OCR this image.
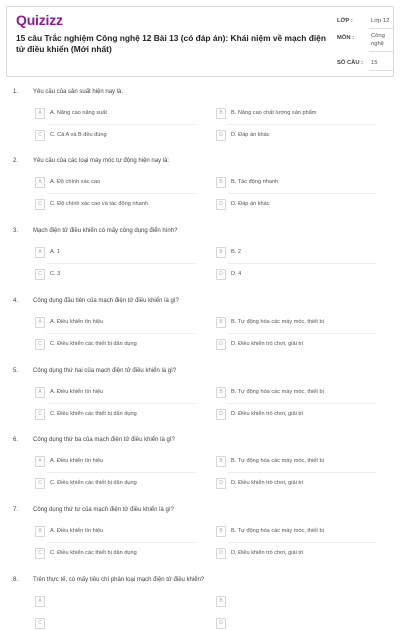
Quizizz
15 câu Trắc nghiệm Công nghệ 12 Bài 13 (có đáp án): Khái niệm về mạch điện tử điều khiển (Mới nhất)
LỚP :	Lớp 12
MÔN :	Công
nghệ
SỐ CÂU : 15
1. Yêu cầu của sản suất hiện nay là:
A	A. Năng cao năng suất	B	B. Nâng cao chất lượng sản phẩm
C	C. Cả A và B đều đúng	D	D. Đáp án khác
2. Yêu cầu của các loại máy móc tự động hiện nay là:
A	A. Độ chính xác cao	B	B. Tác động nhanh
C	C. Độ chính xác cao và tác động nhanh	D	D. Đáp án khác
3. Mạch điện tử điều khiển có mấy công dụng điển hình?
A	A. 1	B	B. 2
C	C. 3	D	D. 4
4. Công dụng đầu tiên của mạch điện tử điều khiển là gì?
A	A. Điều khiển tín hiệu	B	B. Tự động hóa các máy móc, thiết bị
C	C. Điều khiển các thiết bị dân dụng	D	D. Điều khiển trò chơi, giải trí
5. Công dụng thứ hai của mạch điện tử điều khiển là gì?
A	A. Điều khiển tín hiệu	B	B. Tự động hóa các máy móc, thiết bị
C	C. Điều khiển các thiết bị dân dụng	D	D. Điều khiển trò chơi, giải trí
6. Công dụng thứ ba của mạch điện tử điều khiển là gì?
A	A. Điều khiển tín hiệu	B	B. Tự động hóa các máy móc, thiết bị
C	C. Điều khiển các thiết bị dân dụng	D	D. Điều khiển trò chơi, giải trí
7. Công dụng thứ tư của mạch điện tử điều khiển là gì?
A	A. Điều khiển tín hiệu	B	B. Tự động hóa các máy móc, thiết bị
C	C. Điều khiển các thiết bị dân dụng	D	D. Điều khiển trò chơi, giải trí
8. Trên thực tế, có mấy tiêu chí phân loại mạch điện tử điều khiển?
A	B
C	D
